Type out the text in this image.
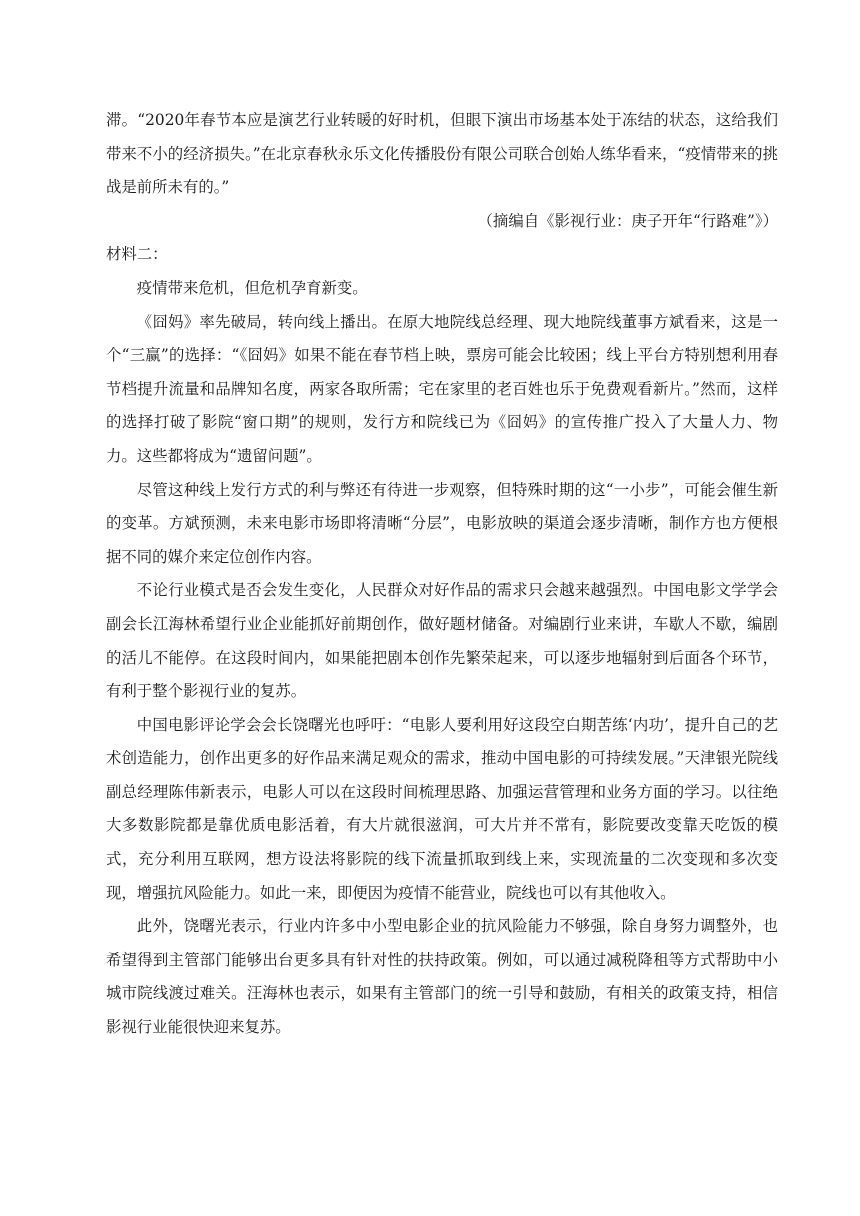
滞。“2020年春节本应是演艺行业转暖的好时机，但眼下演出市场基本处于冻结的状态，这给我们带来不小的经济损失。”在北京春秋永乐文化传播股份有限公司联合创始人练华看来，“疫情带来的挑战是前所未有的。”

（摘编自《影视行业：庚子开年“行路难”》）

材料二：

疫情带来危机，但危机孕育新变。

《囧妈》率先破局，转向线上播出。在原大地院线总经理、现大地院线董事方斌看来，这是一个“三赢”的选择：“《囧妈》如果不能在春节档上映，票房可能会比较困；线上平台方特别想利用春节档提升流量和品牌知名度，两家各取所需；宅在家里的老百姓也乐于免费观看新片。”然而，这样的选择打破了影院“窗口期”的规则，发行方和院线已为《囧妈》的宣传推广投入了大量人力、物力。这些都将成为“遗留问题”。

尽管这种线上发行方式的利与弊还有待进一步观察，但特殊时期的这“一小步”，可能会催生新的变革。方斌预测，未来电影市场即将清晰“分层”，电影放映的渠道会逐步清晰，制作方也方便根据不同的媒介来定位创作内容。

不论行业模式是否会发生变化，人民群众对好作品的需求只会越来越强烈。中国电影文学学会副会长江海林希望行业企业能抓好前期创作，做好题材储备。对编剧行业来讲，车歇人不歇，编剧的活儿不能停。在这段时间内，如果能把剧本创作先繁荣起来，可以逐步地辐射到后面各个环节，有利于整个影视行业的复苏。

中国电影评论学会会长饶曙光也呼吁：“电影人要利用好这段空白期苦练‘内功’，提升自己的艺术创造能力，创作出更多的好作品来满足观众的需求，推动中国电影的可持续发展。”天津银光院线副总经理陈伟新表示，电影人可以在这段时间梳理思路、加强运营管理和业务方面的学习。以往绝大多数影院都是靠优质电影活着，有大片就很滋润，可大片并不常有，影院要改变靠天吃饭的模式，充分利用互联网，想方设法将影院的线下流量抓取到线上来，实现流量的二次变现和多次变现，增强抗风险能力。如此一来，即便因为疫情不能营业，院线也可以有其他收入。

此外，饶曙光表示，行业内许多中小型电影企业的抗风险能力不够强，除自身努力调整外，也希望得到主管部门能够出台更多具有针对性的扶持政策。例如，可以通过减税降租等方式帮助中小城市院线渡过难关。汪海林也表示，如果有主管部门的统一引导和鼓励，有相关的政策支持，相信影视行业能很快迎来复苏。
